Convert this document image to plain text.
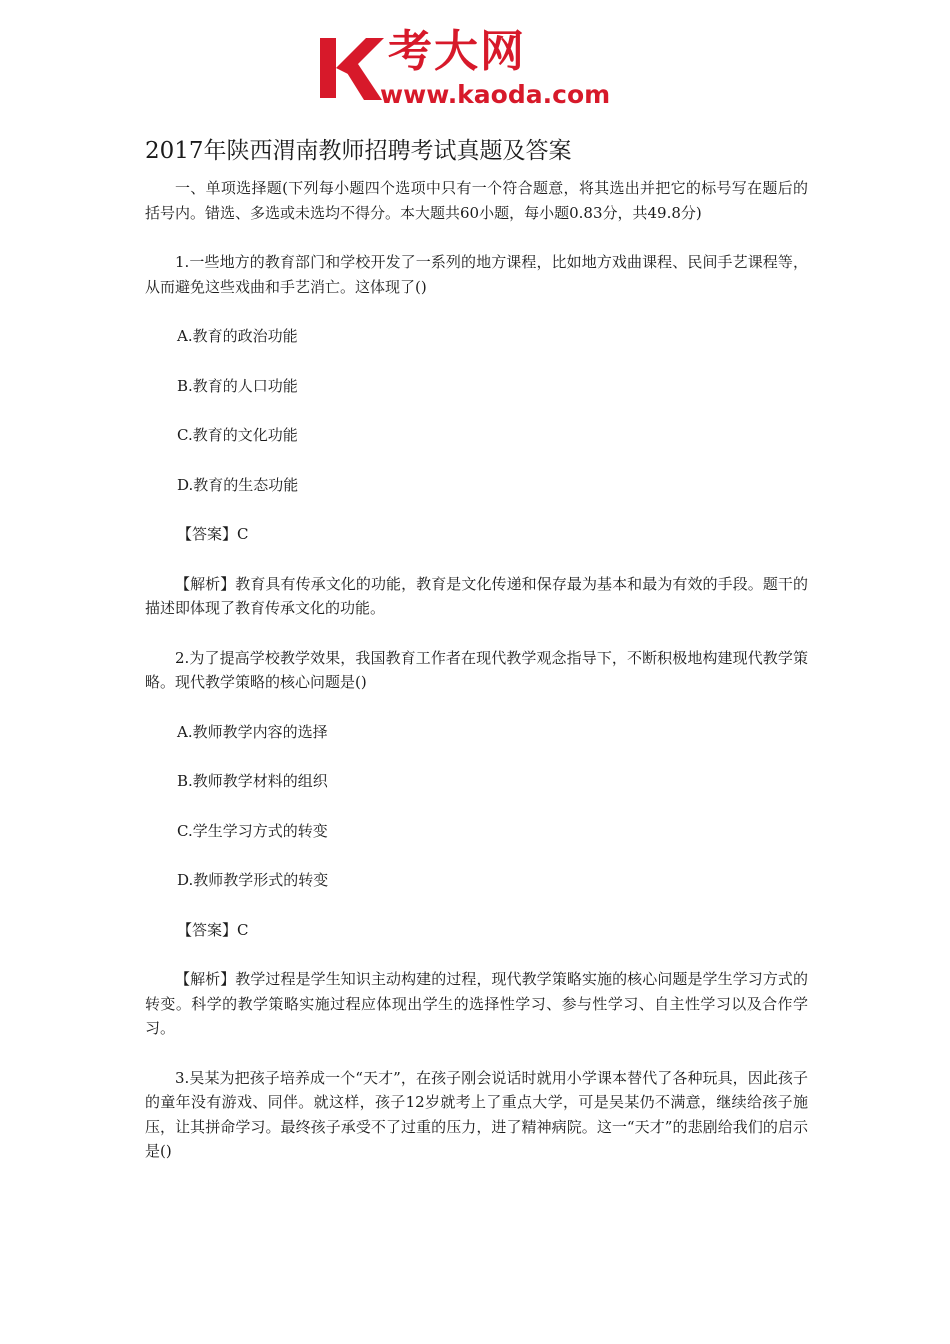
考大网
www.kaoda.com
2017年陕西渭南教师招聘考试真题及答案

一、单项选择题(下列每小题四个选项中只有一个符合题意，将其选出并把它的标号写在题后的括号内。错选、多选或未选均不得分。本大题共60小题，每小题0.83分，共49.8分)

1.一些地方的教育部门和学校开发了一系列的地方课程，比如地方戏曲课程、民间手艺课程等，从而避免这些戏曲和手艺消亡。这体现了()

A.教育的政治功能

B.教育的人口功能

C.教育的文化功能

D.教育的生态功能

【答案】C

【解析】教育具有传承文化的功能，教育是文化传递和保存最为基本和最为有效的手段。题干的描述即体现了教育传承文化的功能。

2.为了提高学校教学效果，我国教育工作者在现代教学观念指导下，不断积极地构建现代教学策略。现代教学策略的核心问题是()

A.教师教学内容的选择

B.教师教学材料的组织

C.学生学习方式的转变

D.教师教学形式的转变

【答案】C

【解析】教学过程是学生知识主动构建的过程，现代教学策略实施的核心问题是学生学习方式的转变。科学的教学策略实施过程应体现出学生的选择性学习、参与性学习、自主性学习以及合作学习。

3.吴某为把孩子培养成一个“天才”，在孩子刚会说话时就用小学课本替代了各种玩具，因此孩子的童年没有游戏、同伴。就这样，孩子12岁就考上了重点大学，可是吴某仍不满意，继续给孩子施压，让其拼命学习。最终孩子承受不了过重的压力，进了精神病院。这一“天才”的悲剧给我们的启示是()
